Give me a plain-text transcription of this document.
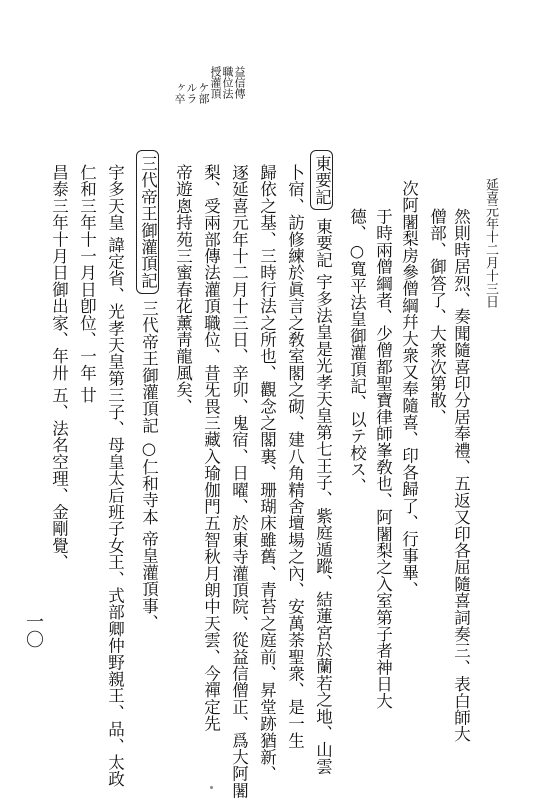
延喜元年十二月十三日
一〇
益信傳
職位法
授灌頂
ケ部
ルラ
ヶ卒
然則時居烈、奏聞隨喜印分居奉禮、五返又印各屈隨喜詞奏三、表白師大
僧部、御答了、大衆次第散、
次阿闍梨房參僧綱幷大衆又奉隨喜、印各歸了、行事畢、
于時兩僧綱者、少僧都聖寶律師峯敎也、阿闍梨之入室第子者神日大
德、○寬平法皇御灌頂記、以テ校ス、
東要記
東要記 宇多法皇是光孝天皇第七王子、紫庭遁蹤、結蓮宮於蘭若之地、山雲
卜宿、訪修練於眞言之敎室閣之砌、建八角精舍壇場之內、安萬荼聖衆、是一生
歸依之基、三時行法之所也、觀念之閣裏、珊瑚床雖舊、青苔之庭前、昇堂跡猶新、
逐延喜元年十二月十三日、辛卯、鬼宿、日曜、於東寺灌頂院、從益信僧正、爲大阿闍
梨、受兩部傳法灌頂職位、昔旡畏三藏入瑜伽門五智秋月朗中天雲、今禪定先
帝遊悤持苑三蜜春花薰靑龍風矣、
三代帝王御灌頂記
三代帝王御灌頂記 ○仁和寺本 帝皇灌頂事、
宇多天皇 諱定省、光孝天皇第三子、母皇太后班子女王、式部卿仲野親王、品、太政
仁和三年十一月日卽位、一年 廿
昌泰三年十月日御出家、年卅 五、法名空理、金剛覺、
